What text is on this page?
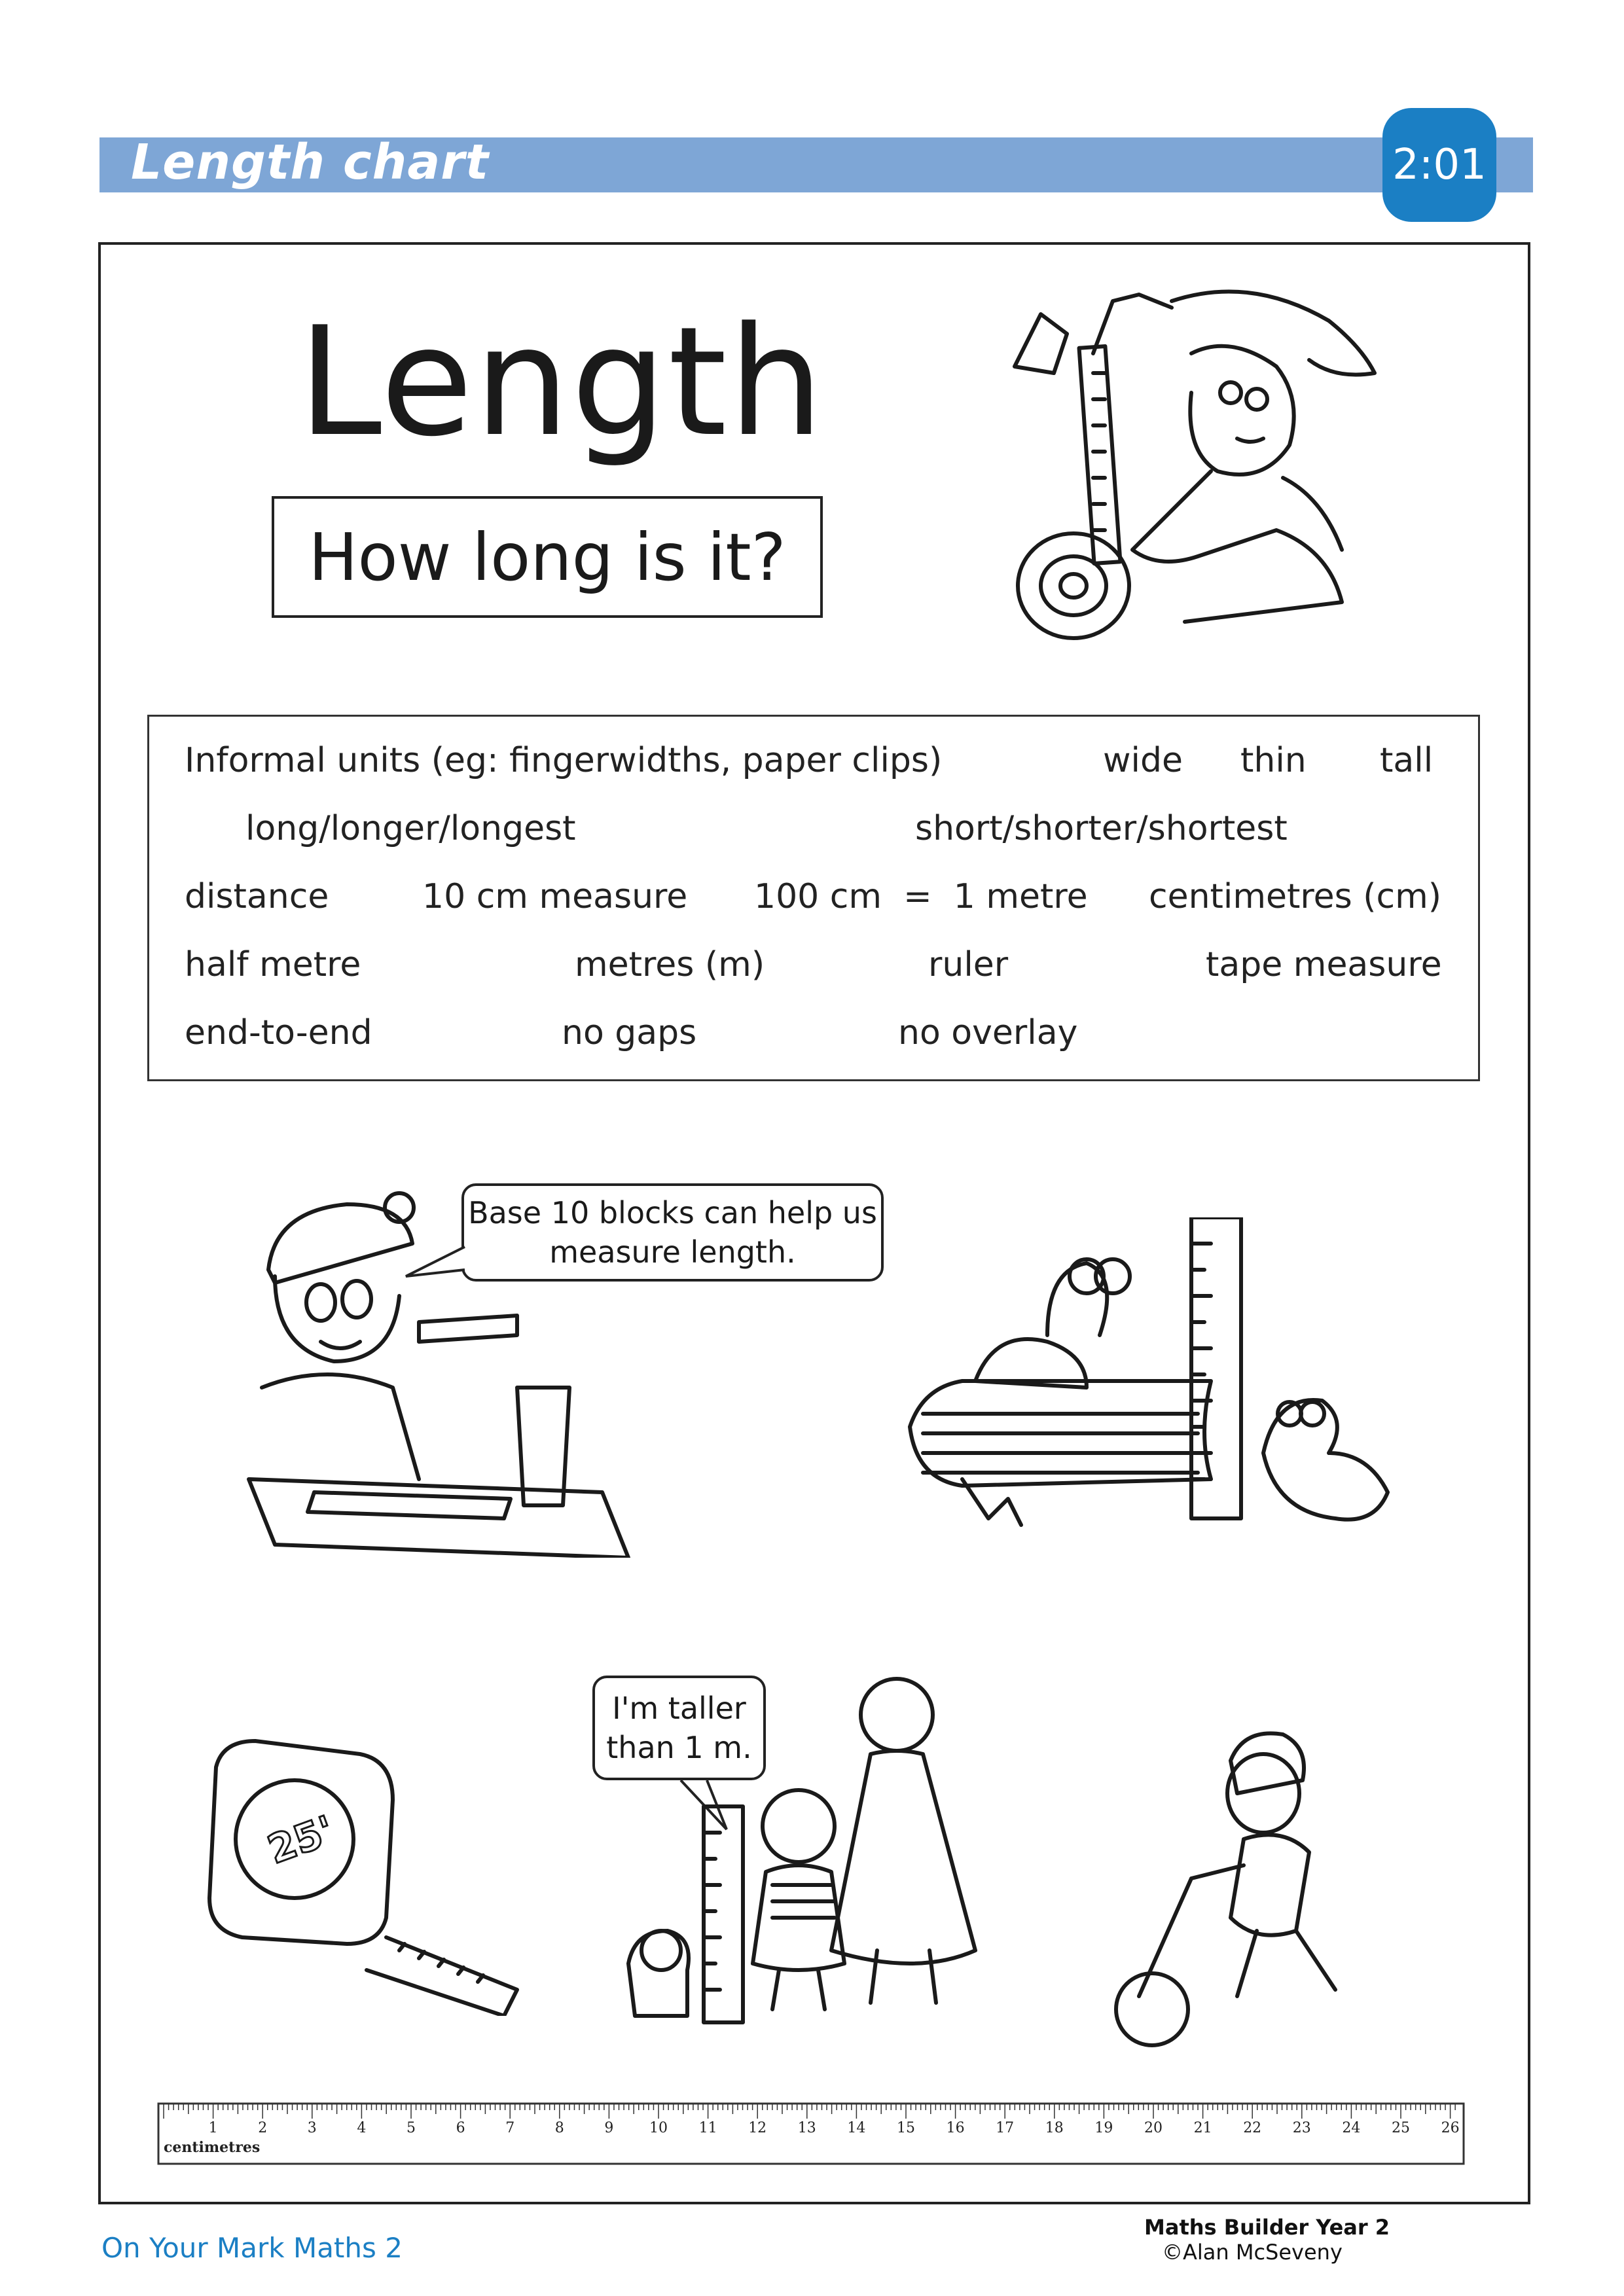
Length chart	2:01
Length
How long is it?
Informal units (eg: fingerwidths, paper clips)	wide thin tall
long/longer/longest	short/shorter/shortest
distance	10 cm measure 100 cm  =  1 metre centimetres (cm)
half metre	metres (m)	ruler	tape measure
end-to-end	no gaps	no overlay
Base 10 blocks can help us
measure length.
25'
I'm taller
than 1 m.
1	2	3	4	5	6	7	8	9 10 11 12 13 14 15 16 17 18 19 20 21 22 23 24 25 26
centimetres
On Your Mark Maths 2
Maths Builder Year 2
©Alan McSeveny
